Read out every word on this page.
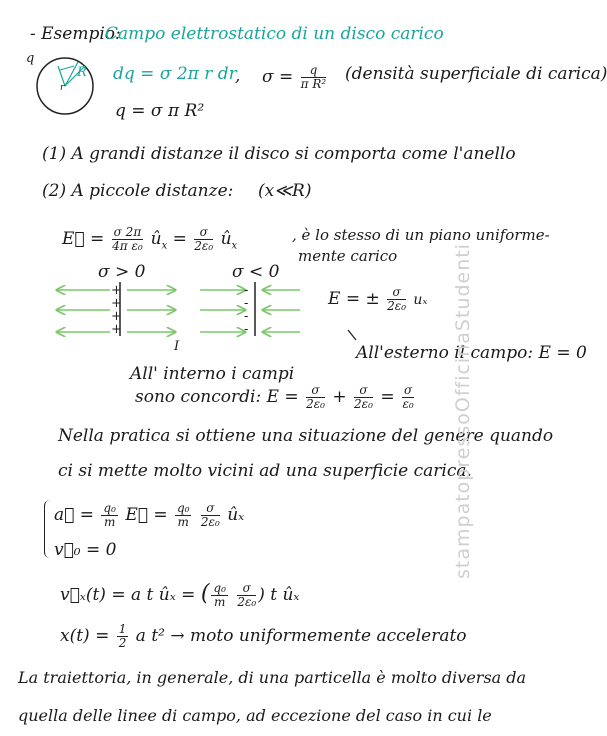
- Esempio:
Campo elettrostatico di un disco carico
q
R
r
dq = σ 2π r dr
, $\sigma = \frac{q}{\text{π R²}}$ (densità superficiale di carica)
q = σ π R²
(1) A grandi distanze il disco si comporta come l'anello
(2) A piccole distanze: (x≪R)
E⃗ = $\frac{\sigma 2\pi}{\text{4π ε₀}}$ $û_x = \frac{\sigma}{\text{2ε₀}}$ $û_x$
, è lo stesso di un piano uniforme-
mente carico
σ > 0	σ < 0
+
+
+
+
-
-
-
-
I
E = ± $\frac{\sigma}{\text{2ε₀}}$ uₓ
All'esterno il campo: E = 0
All' interno i campi
sono concordi: $E = \frac{\sigma}{\text{2ε₀}} + \frac{\sigma}{\text{2ε₀}} = \frac{\sigma}{\text{ε₀}}$
Nella pratica si ottiene una situazione del genere quando
ci si mette molto vicini ad una superficie carica.
a⃗ = $\frac{\text{q₀}}{m}$ E⃗ = $\frac{\text{q₀}}{m}$
$\frac{\sigma}{\text{2ε₀}}$ ûₓ
v⃗₀ = 0
v⃗ₓ(t) = a t ûₓ = ( $\frac{\text{q₀}}{m}$
$\frac{\sigma}{\text{2ε₀}}$ ) t ûₓ
$x(t) = \frac{1}{2}$ a t² → moto uniformemente accelerato
La traiettoria, in generale, di una particella è molto diversa da
quella delle linee di campo, ad eccezione del caso in cui le
stampatopressoOfficinaStudenti
